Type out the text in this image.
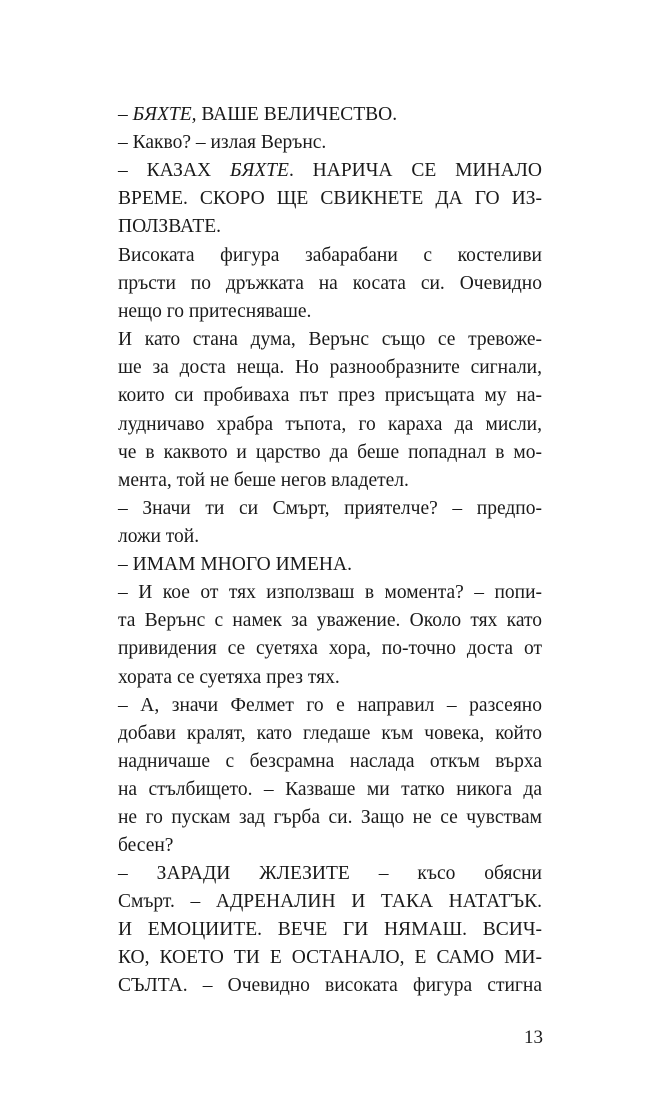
– БЯХТЕ, ВАШЕ ВЕЛИЧЕСТВО.
– Какво? – излая Верънс.
– КАЗАХ БЯХТЕ. НАРИЧА СЕ МИНАЛО
ВРЕМЕ. СКОРО ЩЕ СВИКНЕТЕ ДА ГО ИЗ-
ПОЛЗВАТЕ.
Високата фигура забарабани с костеливи
пръсти по дръжката на косата си. Очевидно
нещо го притесняваше.
И като стана дума, Верънс също се тревоже-
ше за доста неща. Но разнообразните сигнали,
които си пробиваха път през присъщата му на-
лудничаво храбра тъпота, го караха да мисли,
че в каквото и царство да беше попаднал в мо-
мента, той не беше негов владетел.
– Значи ти си Смърт, приятелче? – предпо-
ложи той.
– ИМАМ МНОГО ИМЕНА.
– И кое от тях използваш в момента? – попи-
та Верънс с намек за уважение. Около тях като
привидения се суетяха хора, по-точно доста от
хората се суетяха през тях.
– А, значи Фелмет го е направил – разсеяно
добави кралят, като гледаше към човека, който
надничаше с безсрамна наслада откъм върха
на стълбището. – Казваше ми татко никога да
не го пускам зад гърба си. Защо не се чувствам
бесен?
– ЗАРАДИ ЖЛЕЗИТЕ – късо обясни
Смърт. – АДРЕНАЛИН И ТАКА НАТАТЪК.
И ЕМОЦИИТЕ. ВЕЧЕ ГИ НЯМАШ. ВСИЧ-
КО, КОЕТО ТИ Е ОСТАНАЛО, Е САМО МИ-
СЪЛТА. – Очевидно високата фигура стигна
13
